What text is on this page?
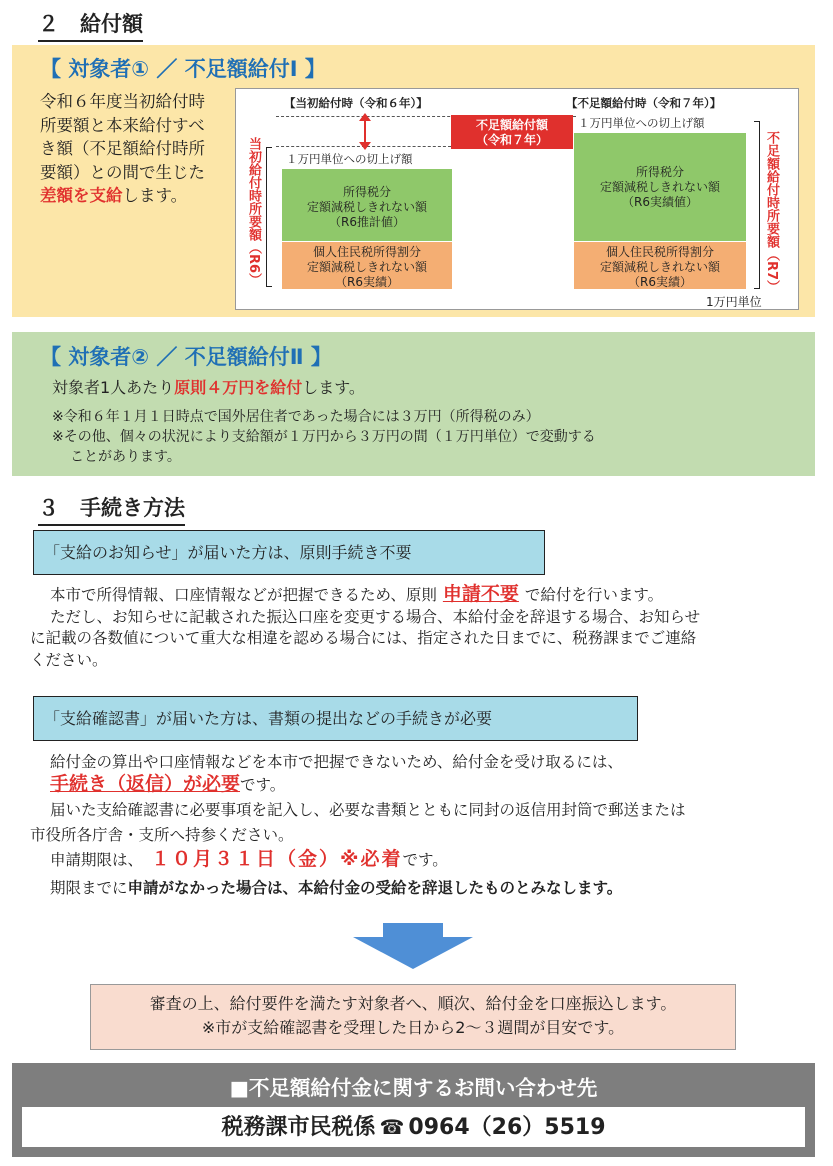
２　給付額
【 対象者① ／ 不足額給付Ⅰ 】
令和６年度当初給付時
所要額と本来給付すべ
き額（不足額給付時所
要額）との間で生じた
差額を支給します。
【当初給付時（令和６年）】	【不足額給付時（令和７年）】
当初給付時所要額（R6）	不足額給付時所要額（R7）
不足額給付額
（令和７年）
１万円単位への切上げ額
所得税分
定額減税しきれない額
（R6推計値）
個人住民税所得割分
定額減税しきれない額
（R6実績）
１万円単位への切上げ額
所得税分
定額減税しきれない額
（R6実績値）
個人住民税所得割分
定額減税しきれない額
（R6実績）
1万円単位
【 対象者② ／ 不足額給付Ⅱ 】
対象者1人あたり原則４万円を給付します。
※令和６年１月１日時点で国外居住者であった場合には３万円（所得税のみ）
※その他、個々の状況により支給額が１万円から３万円の間（１万円単位）で変動する
ことがあります。
３　手続き方法
「支給のお知らせ」が届いた方は、原則手続き不要
本市で所得情報、口座情報などが把握できるため、原則 申請不要 で給付を行います。
ただし、お知らせに記載された振込口座を変更する場合、本給付金を辞退する場合、お知らせ
に記載の各数値について重大な相違を認める場合には、指定された日までに、税務課までご連絡
ください。
「支給確認書」が届いた方は、書類の提出などの手続きが必要
給付金の算出や口座情報などを本市で把握できないため、給付金を受け取るには、
手続き（返信）が必要です。
届いた支給確認書に必要事項を記入し、必要な書類とともに同封の返信用封筒で郵送または
市役所各庁舎・支所へ持参ください。
申請期限は、 １０月３１日（金）※必着です。
期限までに申請がなかった場合は、本給付金の受給を辞退したものとみなします。
審査の上、給付要件を満たす対象者へ、順次、給付金を口座振込します。
※市が支給確認書を受理した日から2～３週間が目安です。
■不足額給付金に関するお問い合わせ先
税務課市民税係 ☎ 0964（26）5519
